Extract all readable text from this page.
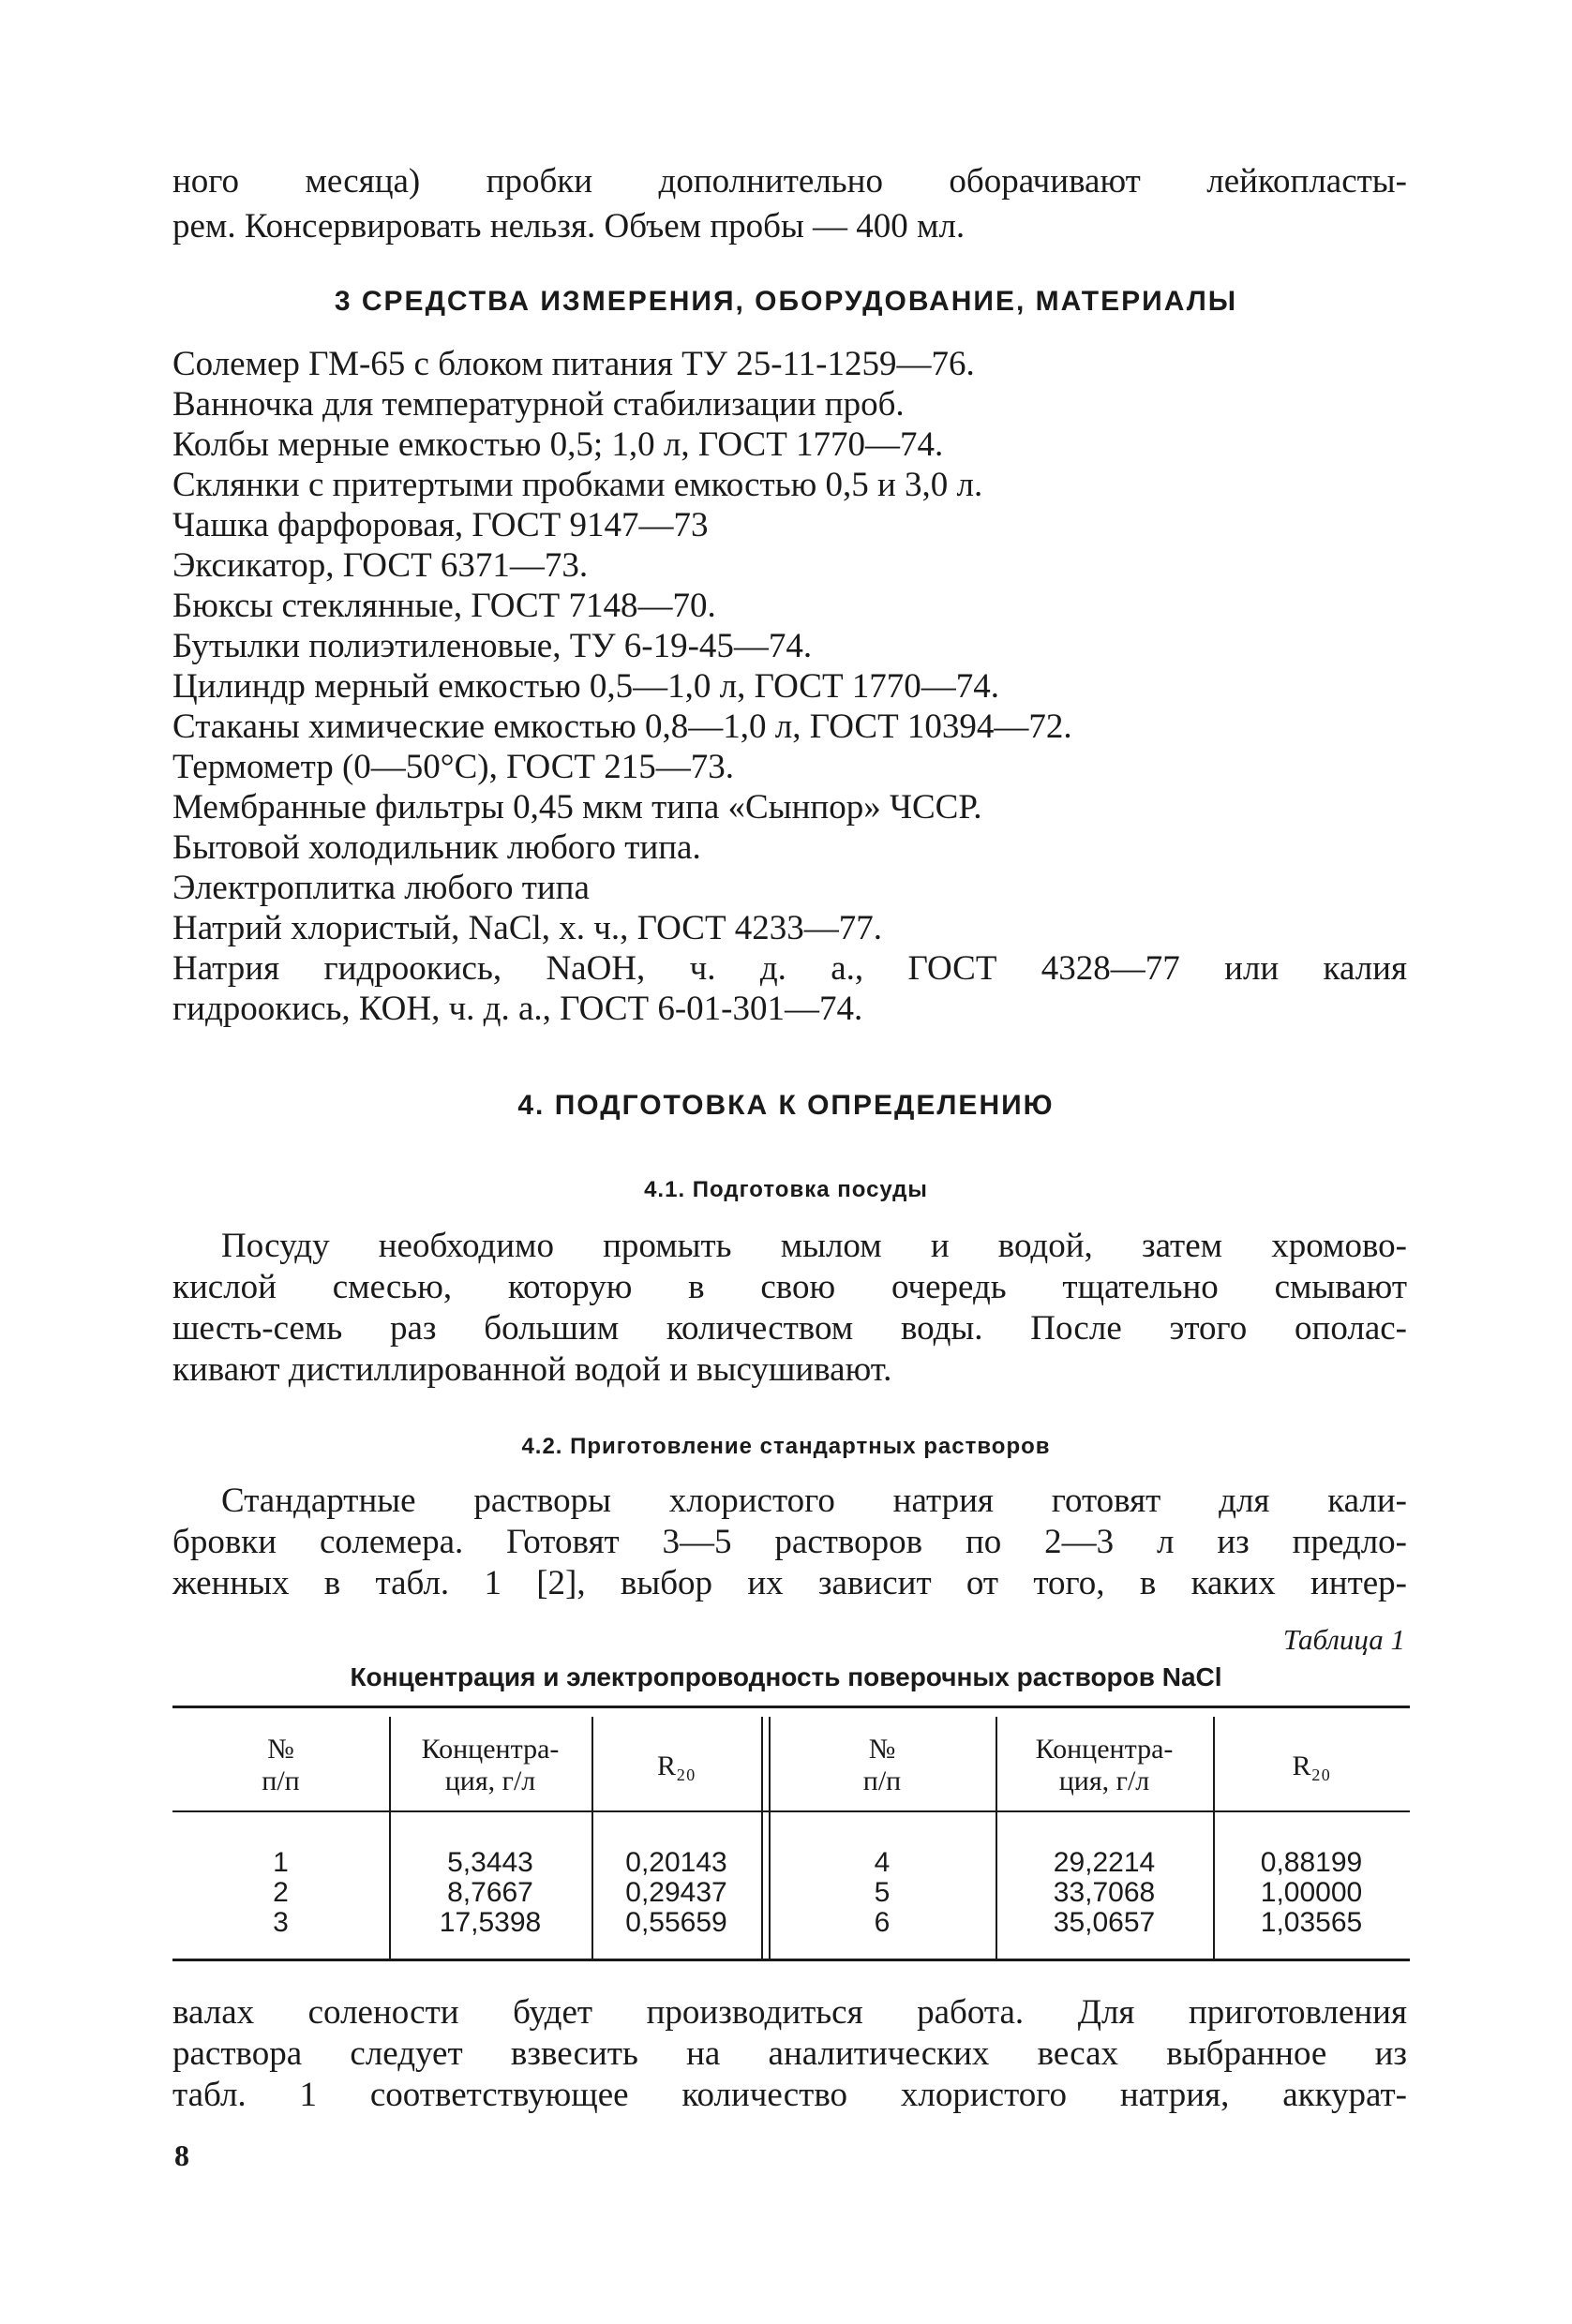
ного месяца) пробки дополнительно оборачивают лейкопласты-
рем. Консервировать нельзя. Объем пробы — 400 мл.
3 СРЕДСТВА ИЗМЕРЕНИЯ, ОБОРУДОВАНИЕ, МАТЕРИАЛЫ
Солемер ГМ-65 с блоком питания ТУ 25-11-1259—76.
Ванночка для температурной стабилизации проб.
Колбы мерные емкостью 0,5; 1,0 л, ГОСТ 1770—74.
Склянки с притертыми пробками емкостью 0,5 и 3,0 л.
Чашка фарфоровая, ГОСТ 9147—73
Эксикатор, ГОСТ 6371—73.
Бюксы стеклянные, ГОСТ 7148—70.
Бутылки полиэтиленовые, ТУ 6-19-45—74.
Цилиндр мерный емкостью 0,5—1,0 л, ГОСТ 1770—74.
Стаканы химические емкостью 0,8—1,0 л, ГОСТ 10394—72.
Термометр (0—50°С), ГОСТ 215—73.
Мембранные фильтры 0,45 мкм типа «Сынпор» ЧССР.
Бытовой холодильник любого типа.
Электроплитка любого типа
Натрий хлористый, NaCl, х. ч., ГОСТ 4233—77.
Натрия гидроокись, NaOH, ч. д. а., ГОСТ 4328—77 или калия
гидроокись, КОН, ч. д. а., ГОСТ 6-01-301—74.
4. ПОДГОТОВКА К ОПРЕДЕЛЕНИЮ
4.1. Подготовка посуды
Посуду необходимо промыть мылом и водой, затем хромово-
кислой смесью, которую в свою очередь тщательно смывают
шесть-семь раз большим количеством воды. После этого ополас-
кивают дистиллированной водой и высушивают.
4.2. Приготовление стандартных растворов
Стандартные растворы хлористого натрия готовят для кали-
бровки солемера. Готовят 3—5 растворов по 2—3 л из предло-
женных в табл. 1 [2], выбор их зависит от того, в каких интер-
Таблица 1
Концентрация и электропроводность поверочных растворов NaCl
№
п/п
Концентра-
ция, г/л	R₂₀
№
п/п
Концентра-
ция, г/л	R₂₀
1
2
3
5,3443
8,7667
17,5398
0,20143
0,29437
0,55659
4
5
6
29,2214
33,7068
35,0657
0,88199
1,00000
1,03565
валах солености будет производиться работа. Для приготовления
раствора следует взвесить на аналитических весах выбранное из
табл. 1 соответствующее количество хлористого натрия, аккурат-
8
